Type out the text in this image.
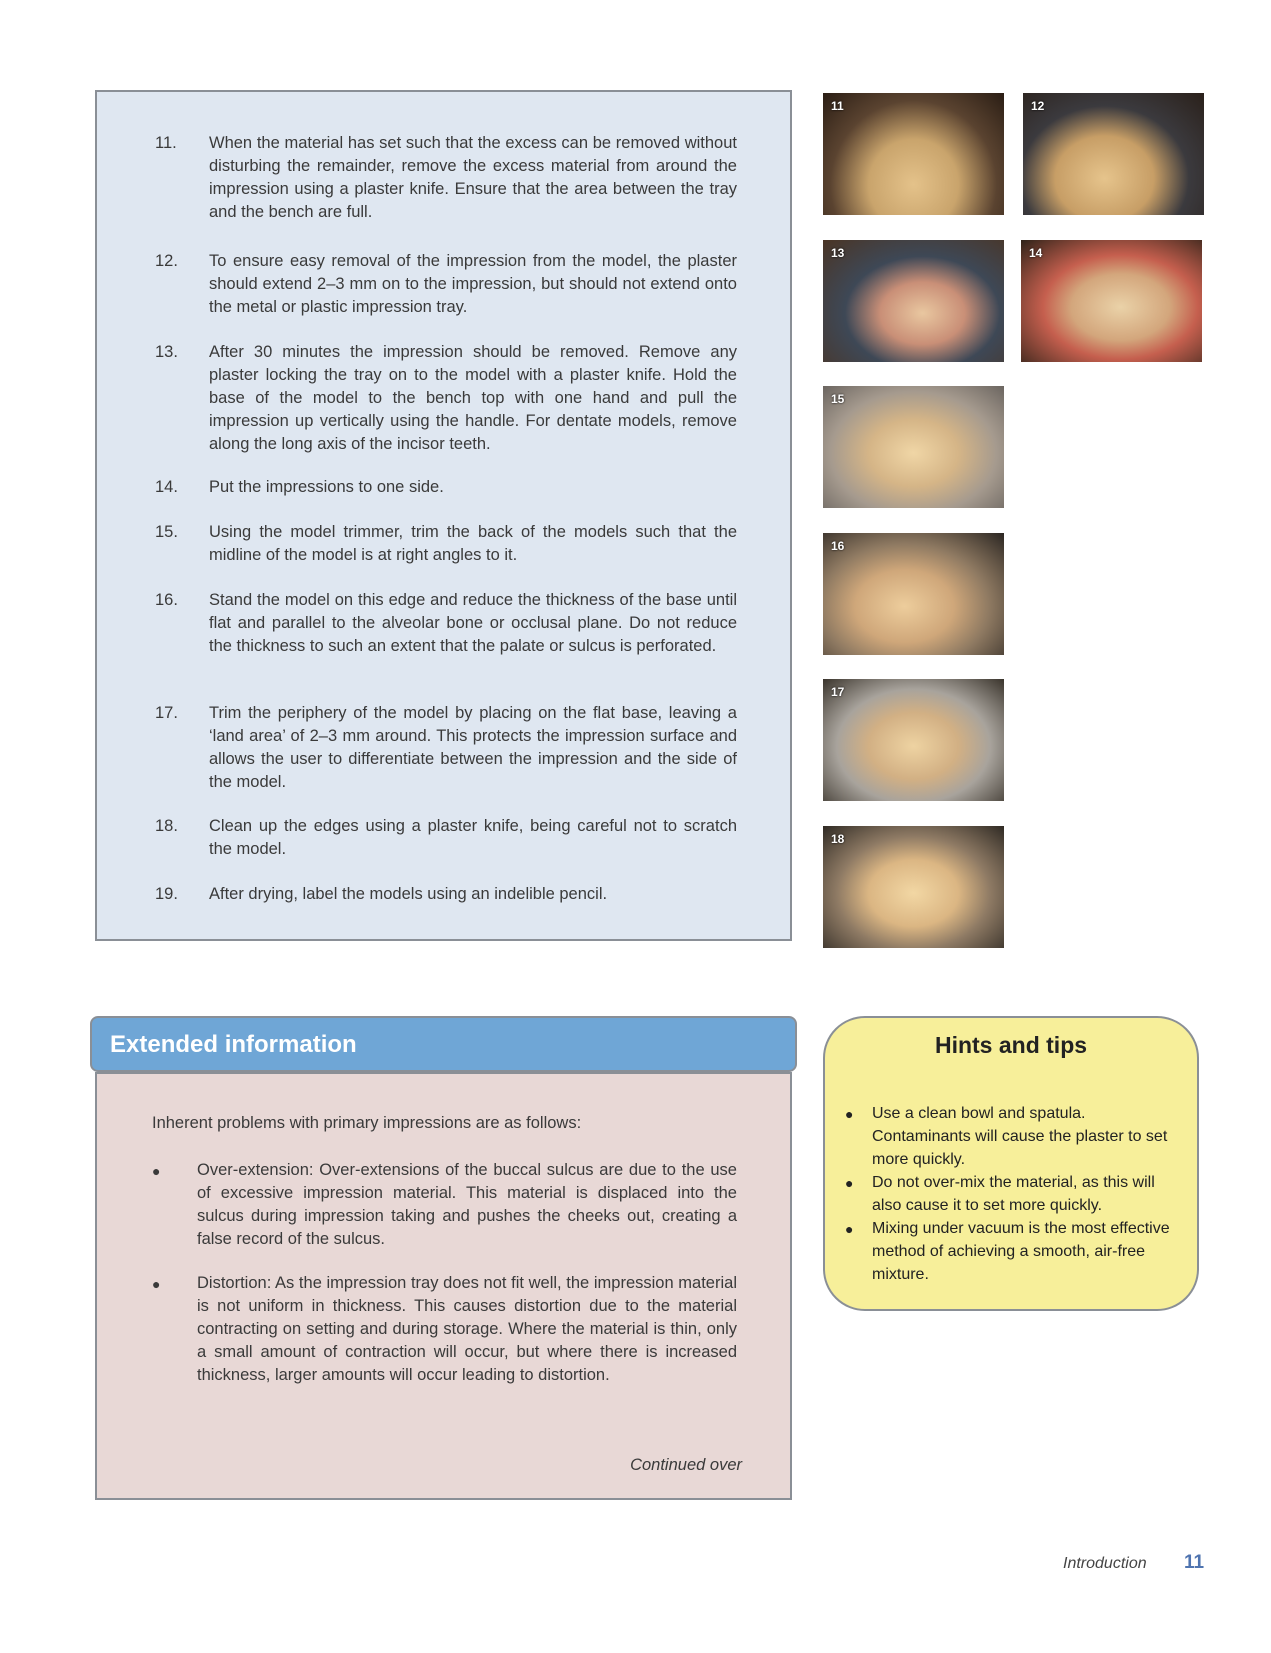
11.	When the material has set such that the excess can be removed without disturbing the remainder, remove the excess material from around the impression using a plaster knife. Ensure that the area between the tray and the bench are full.
12.	To ensure easy removal of the impression from the model, the plaster should extend 2–3 mm on to the impression, but should not extend onto the metal or plastic impression tray.
13.	After 30 minutes the impression should be removed. Remove any plaster locking the tray on to the model with a plaster knife. Hold the base of the model to the bench top with one hand and pull the impression up vertically using the handle. For dentate models, remove along the long axis of the incisor teeth.
14.	Put the impressions to one side.
15.	Using the model trimmer, trim the back of the models such that the midline of the model is at right angles to it.
16.	Stand the model on this edge and reduce the thickness of the base until flat and parallel to the alveolar bone or occlusal plane. Do not reduce the thickness to such an extent that the palate or sulcus is perforated.
17.	Trim the periphery of the model by placing on the flat base, leaving a ‘land area’ of 2–3 mm around. This protects the impression surface and allows the user to differentiate between the impression and the side of the model.
18.	Clean up the edges using a plaster knife, being careful not to scratch the model.
19.	After drying, label the models using an indelible pencil.
11	12
13	14
15
16
17
18
Extended information
Inherent problems with primary impressions are as follows:
● Over-extension: Over-extensions of the buccal sulcus are due to the use of excessive impression material. This material is displaced into the sulcus during impression taking and pushes the cheeks out, creating a false record of the sulcus.
● Distortion: As the impression tray does not fit well, the impression material is not uniform in thickness. This causes distortion due to the material contracting on setting and during storage. Where the material is thin, only a small amount of contraction will occur, but where there is increased thickness, larger amounts will occur leading to distortion.
Continued over
Hints and tips
● Use a clean bowl and spatula. Contaminants will cause the plaster to set more quickly.
● Do not over-mix the material, as this will also cause it to set more quickly.
● Mixing under vacuum is the most effective method of achieving a smooth, air-free mixture.
Introduction 11
